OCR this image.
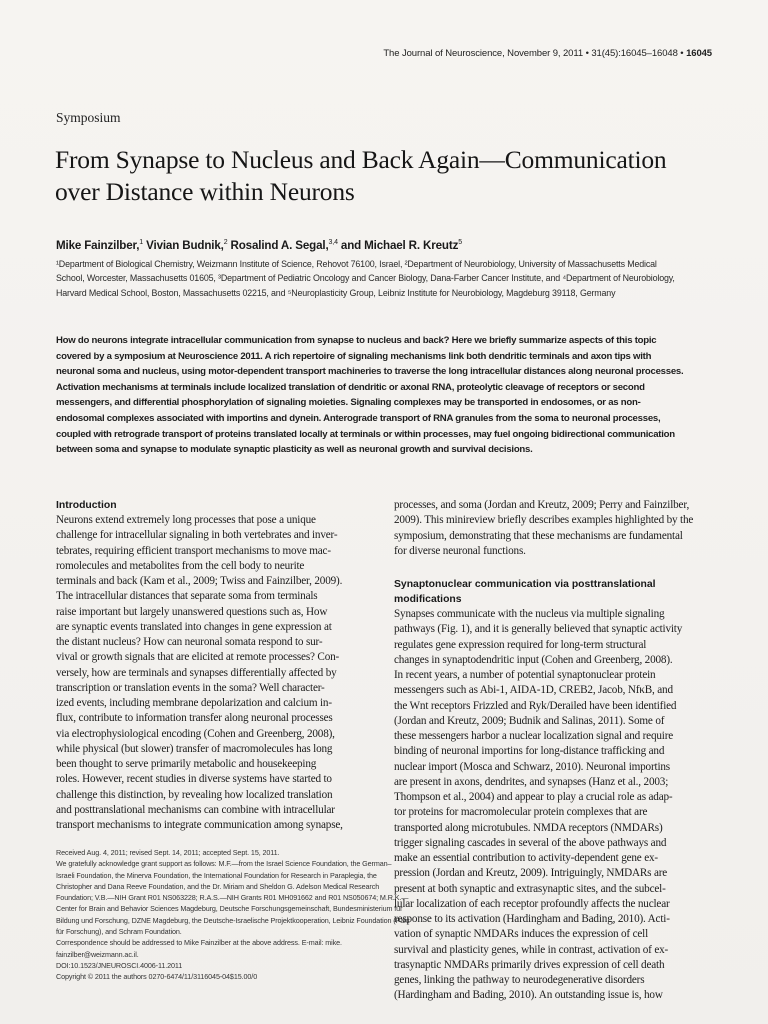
The Journal of Neuroscience, November 9, 2011 • 31(45):16045–16048 • 16045
Symposium
From Synapse to Nucleus and Back Again—Communication
over Distance within Neurons
Mike Fainzilber,$^1$ Vivian Budnik,$^2$ Rosalind A. Segal,$^{3,4}$ and Michael R. Kreutz$^5$
¹Department of Biological Chemistry, Weizmann Institute of Science, Rehovot 76100, Israel, ²Department of Neurobiology, University of Massachusetts Medical
School, Worcester, Massachusetts 01605, ³Department of Pediatric Oncology and Cancer Biology, Dana-Farber Cancer Institute, and ⁴Department of Neurobiology,
Harvard Medical School, Boston, Massachusetts 02215, and ⁵Neuroplasticity Group, Leibniz Institute for Neurobiology, Magdeburg 39118, Germany
How do neurons integrate intracellular communication from synapse to nucleus and back? Here we briefly summarize aspects of this topic
covered by a symposium at Neuroscience 2011. A rich repertoire of signaling mechanisms link both dendritic terminals and axon tips with
neuronal soma and nucleus, using motor-dependent transport machineries to traverse the long intracellular distances along neuronal processes.
Activation mechanisms at terminals include localized translation of dendritic or axonal RNA, proteolytic cleavage of receptors or second
messengers, and differential phosphorylation of signaling moieties. Signaling complexes may be transported in endosomes, or as non-
endosomal complexes associated with importins and dynein. Anterograde transport of RNA granules from the soma to neuronal processes,
coupled with retrograde transport of proteins translated locally at terminals or within processes, may fuel ongoing bidirectional communication
between soma and synapse to modulate synaptic plasticity as well as neuronal growth and survival decisions.
Introduction
Neurons extend extremely long processes that pose a unique
challenge for intracellular signaling in both vertebrates and inver-
tebrates, requiring efficient transport mechanisms to move mac-
romolecules and metabolites from the cell body to neurite
terminals and back (Kam et al., 2009; Twiss and Fainzilber, 2009).
The intracellular distances that separate soma from terminals
raise important but largely unanswered questions such as, How
are synaptic events translated into changes in gene expression at
the distant nucleus? How can neuronal somata respond to sur-
vival or growth signals that are elicited at remote processes? Con-
versely, how are terminals and synapses differentially affected by
transcription or translation events in the soma? Well character-
ized events, including membrane depolarization and calcium in-
flux, contribute to information transfer along neuronal processes
via electrophysiological encoding (Cohen and Greenberg, 2008),
while physical (but slower) transfer of macromolecules has long
been thought to serve primarily metabolic and housekeeping
roles. However, recent studies in diverse systems have started to
challenge this distinction, by revealing how localized translation
and posttranslational mechanisms can combine with intracellular
transport mechanisms to integrate communication among synapse,
Received Aug. 4, 2011; revised Sept. 14, 2011; accepted Sept. 15, 2011.
We gratefully acknowledge grant support as follows: M.F.—from the Israel Science Foundation, the German–
Israeli Foundation, the Minerva Foundation, the International Foundation for Research in Paraplegia, the
Christopher and Dana Reeve Foundation, and the Dr. Miriam and Sheldon G. Adelson Medical Research
Foundation; V.B.—NIH Grant R01 NS063228; R.A.S.—NIH Grants R01 MH091662 and R01 NS050674; M.R.K.—
Center for Brain and Behavior Sciences Magdeburg, Deutsche Forschungsgemeinschaft, Bundesministerium für
Bildung und Forschung, DZNE Magdeburg, the Deutsche-Israelische Projektkooperation, Leibniz Foundation (Pakt
für Forschung), and Schram Foundation.
Correspondence should be addressed to Mike Fainzilber at the above address. E-mail: mike.
fainzilber@weizmann.ac.il.
DOI:10.1523/JNEUROSCI.4006-11.2011
Copyright © 2011 the authors 0270-6474/11/3116045-04$15.00/0
processes, and soma (Jordan and Kreutz, 2009; Perry and Fainzilber,
2009). This minireview briefly describes examples highlighted by the
symposium, demonstrating that these mechanisms are fundamental
for diverse neuronal functions.
Synaptonuclear communication via posttranslational
modifications
Synapses communicate with the nucleus via multiple signaling
pathways (Fig. 1), and it is generally believed that synaptic activity
regulates gene expression required for long-term structural
changes in synaptodendritic input (Cohen and Greenberg, 2008).
In recent years, a number of potential synaptonuclear protein
messengers such as Abi-1, AIDA-1D, CREB2, Jacob, NfκB, and
the Wnt receptors Frizzled and Ryk/Derailed have been identified
(Jordan and Kreutz, 2009; Budnik and Salinas, 2011). Some of
these messengers harbor a nuclear localization signal and require
binding of neuronal importins for long-distance trafficking and
nuclear import (Mosca and Schwarz, 2010). Neuronal importins
are present in axons, dendrites, and synapses (Hanz et al., 2003;
Thompson et al., 2004) and appear to play a crucial role as adap-
tor proteins for macromolecular protein complexes that are
transported along microtubules. NMDA receptors (NMDARs)
trigger signaling cascades in several of the above pathways and
make an essential contribution to activity-dependent gene ex-
pression (Jordan and Kreutz, 2009). Intriguingly, NMDARs are
present at both synaptic and extrasynaptic sites, and the subcel-
lular localization of each receptor profoundly affects the nuclear
response to its activation (Hardingham and Bading, 2010). Acti-
vation of synaptic NMDARs induces the expression of cell
survival and plasticity genes, while in contrast, activation of ex-
trasynaptic NMDARs primarily drives expression of cell death
genes, linking the pathway to neurodegenerative disorders
(Hardingham and Bading, 2010). An outstanding issue is, how
